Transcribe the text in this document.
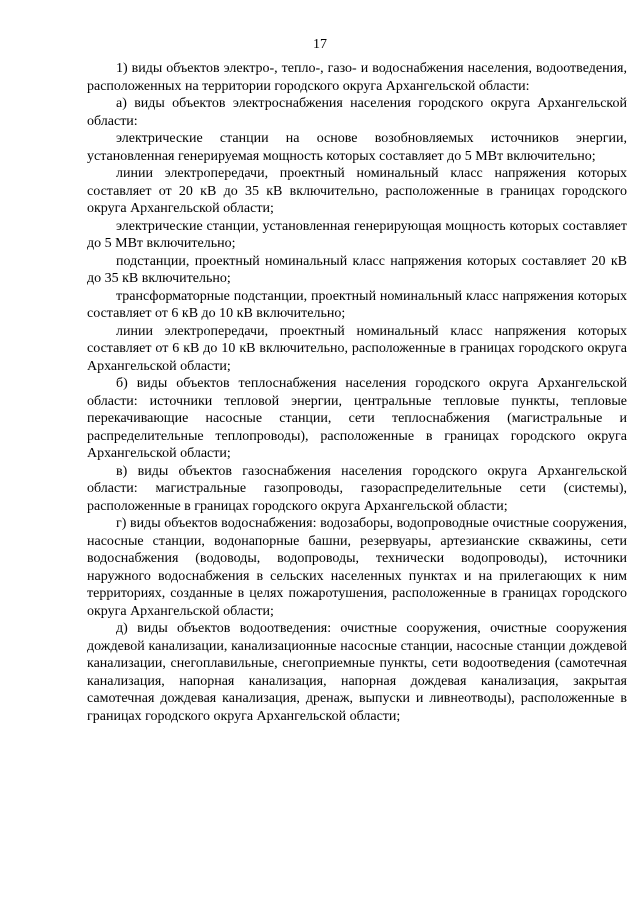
17

1) виды объектов электро-, тепло-, газо- и водоснабжения населения, водоотведения, расположенных на территории городского округа Архангельской области:

а) виды объектов электроснабжения населения городского округа Архангельской области:

электрические станции на основе возобновляемых источников энергии, установленная генерируемая мощность которых составляет до 5 МВт включительно;

линии электропередачи, проектный номинальный класс напряжения которых составляет от 20 кВ до 35 кВ включительно, расположенные в границах городского округа Архангельской области;

электрические станции, установленная генерирующая мощность которых составляет до 5 МВт включительно;

подстанции, проектный номинальный класс напряжения которых составляет 20 кВ до 35 кВ включительно;

трансформаторные подстанции, проектный номинальный класс напряжения которых составляет от 6 кВ до 10 кВ включительно;

линии электропередачи, проектный номинальный класс напряжения которых составляет от 6 кВ до 10 кВ включительно, расположенные в границах городского округа Архангельской области;

б) виды объектов теплоснабжения населения городского округа Архангельской области: источники тепловой энергии, центральные тепловые пункты, тепловые перекачивающие насосные станции, сети теплоснабжения (магистральные и распределительные теплопроводы), расположенные в границах городского округа Архангельской области;

в) виды объектов газоснабжения населения городского округа Архангельской области: магистральные газопроводы, газораспределительные сети (системы), расположенные в границах городского округа Архангельской области;

г) виды объектов водоснабжения: водозаборы, водопроводные очистные сооружения, насосные станции, водонапорные башни, резервуары, артезианские скважины, сети водоснабжения (водоводы, водопроводы, технически водопроводы), источники наружного водоснабжения в сельских населенных пунктах и на прилегающих к ним территориях, созданные в целях пожаротушения, расположенные в границах городского округа Архангельской области;

д) виды объектов водоотведения: очистные сооружения, очистные сооружения дождевой канализации, канализационные насосные станции, насосные станции дождевой канализации, снегоплавильные, снегоприемные пункты, сети водоотведения (самотечная канализация, напорная канализация, напорная дождевая канализация, закрытая самотечная дождевая канализация, дренаж, выпуски и ливнеотводы), расположенные в границах городского округа Архангельской области;
